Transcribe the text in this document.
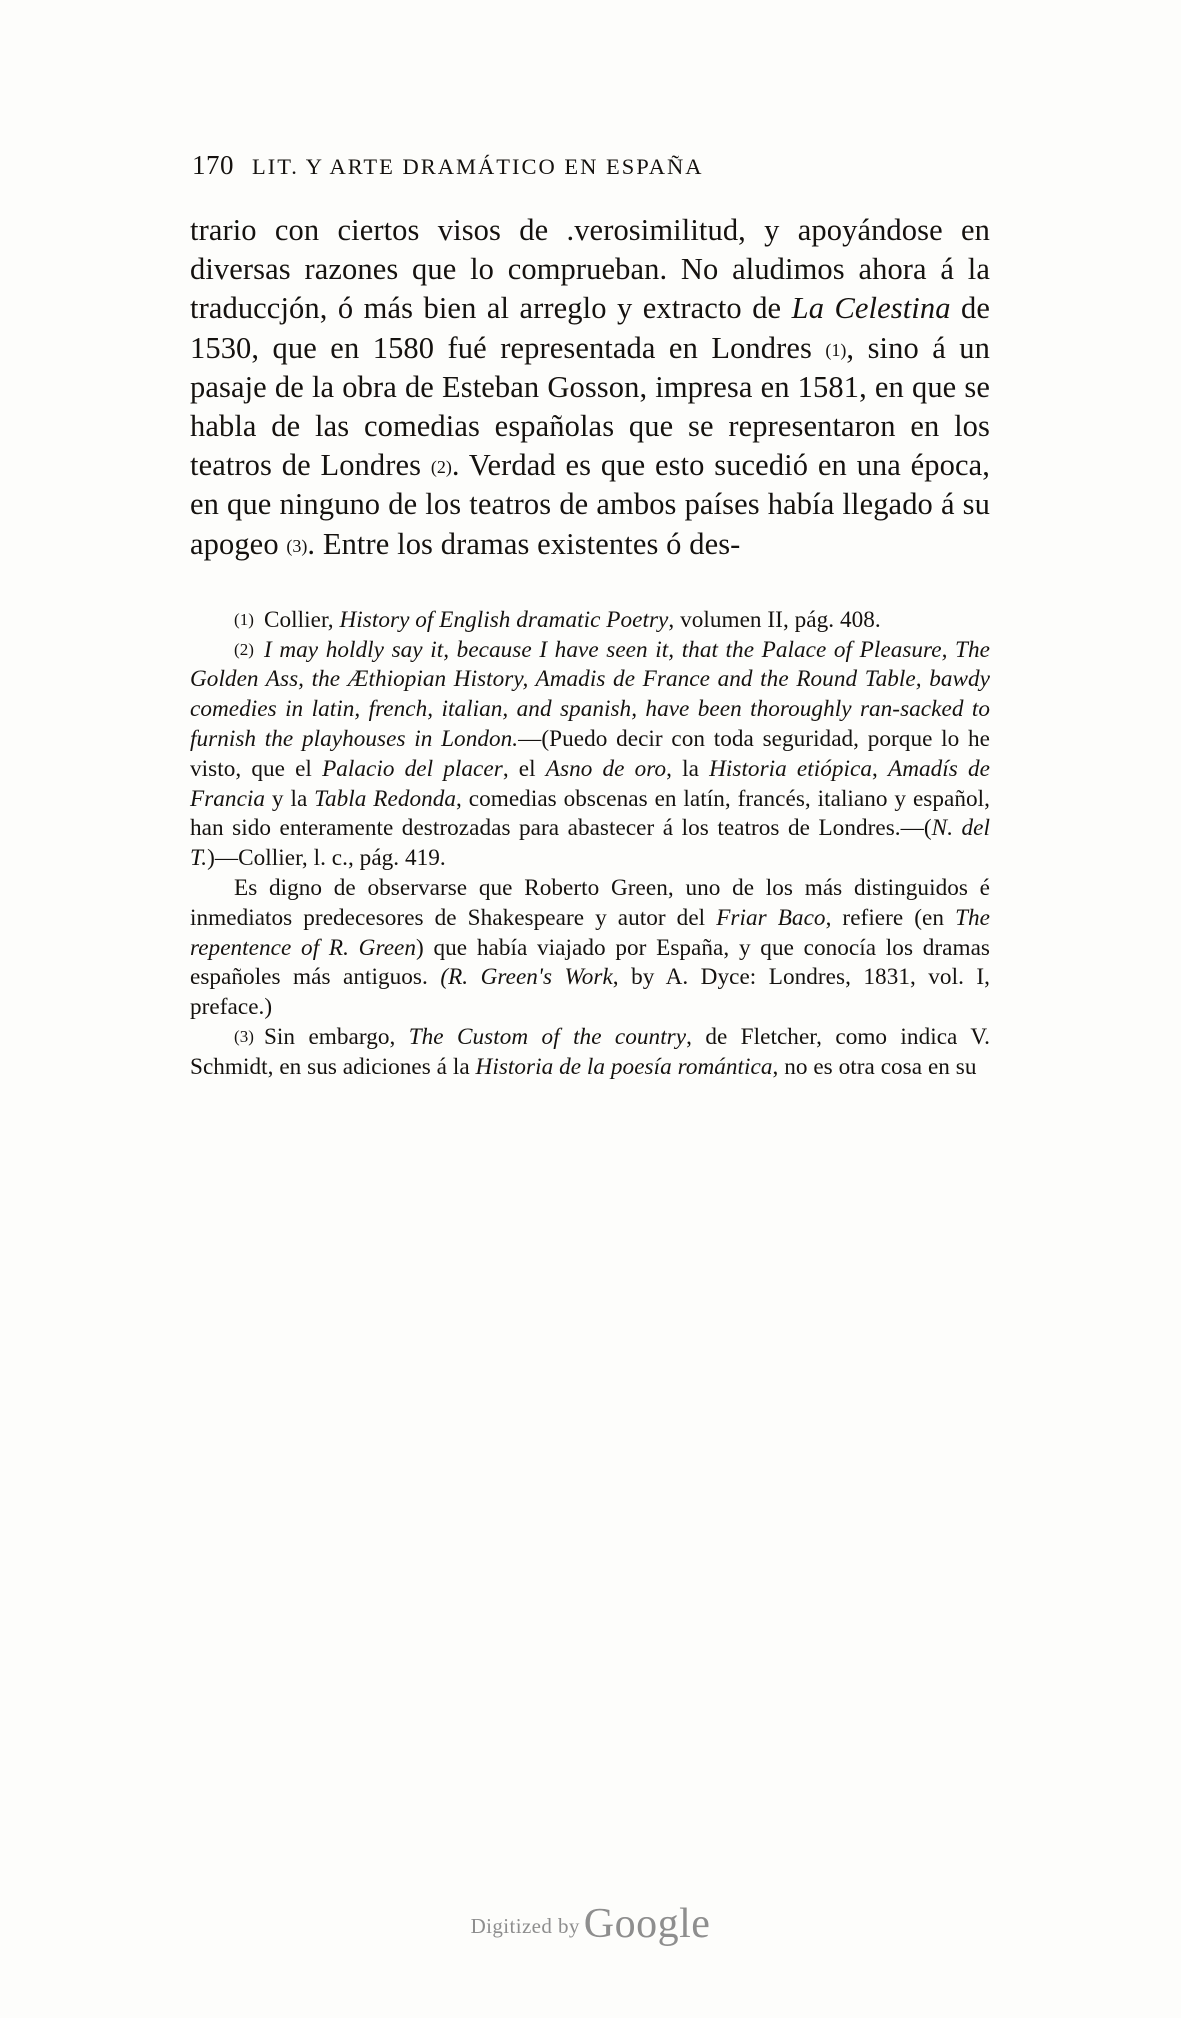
170 LIT. Y ARTE DRAMÁTICO EN ESPAÑA

trario con ciertos visos de .verosimilitud, y apoyándose en diversas razones que lo comprueban. No aludimos ahora á la traduccjón, ó más bien al arreglo y extracto de La Celestina de 1530, que en 1580 fué representada en Londres (1), sino á un pasaje de la obra de Esteban Gosson, impresa en 1581, en que se habla de las comedias españolas que se representaron en los teatros de Londres (2). Verdad es que esto sucedió en una época, en que ninguno de los teatros de ambos países había llegado á su apogeo (3). Entre los dramas existentes ó des-

(1) Collier, History of English dramatic Poetry, volumen II, pág. 408.

(2) I may holdly say it, because I have seen it, that the Palace of Pleasure, The Golden Ass, the Æthiopian History, Amadis de France and the Round Table, bawdy comedies in latin, french, italian, and spanish, have been thoroughly ran-sacked to furnish the playhouses in London.—(Puedo decir con toda seguridad, porque lo he visto, que el Palacio del placer, el Asno de oro, la Historia etiópica, Amadís de Francia y la Tabla Redonda, comedias obscenas en latín, francés, italiano y español, han sido enteramente destrozadas para abastecer á los teatros de Londres.—(N. del T.)—Collier, l. c., pág. 419.

Es digno de observarse que Roberto Green, uno de los más distinguidos é inmediatos predecesores de Shakespeare y autor del Friar Baco, refiere (en The repentence of R. Green) que había viajado por España, y que conocía los dramas españoles más antiguos. (R. Green's Work, by A. Dyce: Londres, 1831, vol. I, preface.)

(3) Sin embargo, The Custom of the country, de Fletcher, como indica V. Schmidt, en sus adiciones á la Historia de la poesía romántica, no es otra cosa en su

Digitized by Google
